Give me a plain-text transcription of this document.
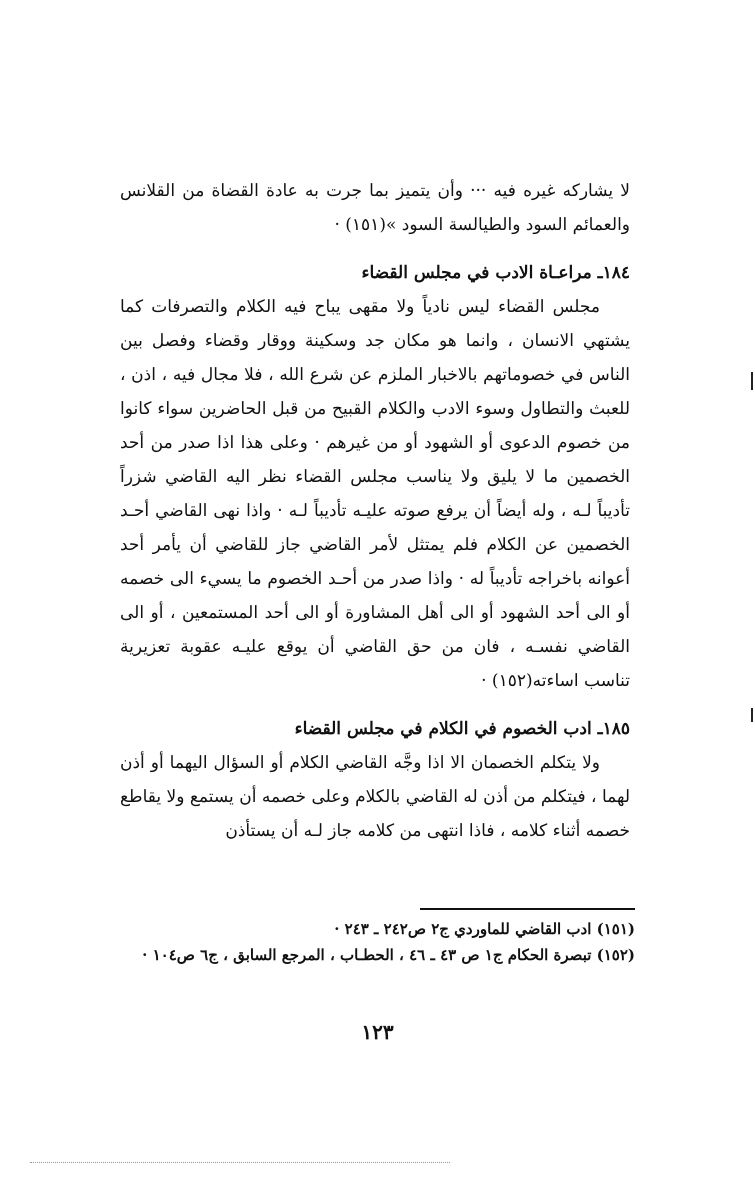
لا يشاركه غيره فيه ··· وأن يتميز بما جرت به عادة القضاة من القلانس والعمائم السود والطيالسة السود »(١٥١) ·

١٨٤ـ مراعـاة الادب في مجلس القضاء

مجلس القضاء ليس نادياً ولا مقهى يباح فيه الكلام والتصرفات كما يشتهي الانسان ، وانما هو مكان جد وسكينة ووقار وقضاء وفصل بين الناس في خصوماتهم بالاخبار الملزم عن شرع الله ، فلا مجال فيه ، اذن ، للعبث والتطاول وسوء الادب والكلام القبيح من قبل الحاضرين سواء كانوا من خصوم الدعوى أو الشهود أو من غيرهم · وعلى هذا اذا صدر من أحد الخصمين ما لا يليق ولا يناسب مجلس القضاء نظر اليه القاضي شزراً تأديباً لـه ، وله أيضاً أن يرفع صوته عليـه تأديباً لـه · واذا نهى القاضي أحـد الخصمين عن الكلام فلم يمتثل لأمر القاضي جاز للقاضي أن يأمر أحد أعوانه باخراجه تأديباً له · واذا صدر من أحـد الخصوم ما يسيء الى خصمه أو الى أحد الشهود أو الى أهل المشاورة أو الى أحد المستمعين ، أو الى القاضي نفسـه ، فان من حق القاضي أن يوقع عليـه عقوبة تعزيرية تناسب اساءته(١٥٢) ·

١٨٥ـ ادب الخصوم في الكلام في مجلس القضاء

ولا يتكلم الخصمان الا اذا وجَّه القاضي الكلام أو السؤال اليهما أو أذن لهما ، فيتكلم من أذن له القاضي بالكلام وعلى خصمه أن يستمع ولا يقاطع خصمه أثناء كلامه ، فاذا انتهى من كلامه جاز لـه أن يستأذن

(١٥١) ادب القاضي للماوردي ج٢ ص٢٤٢ ـ ٢٤٣ ·

(١٥٢) تبصرة الحكام ج١ ص ٤٣ ـ ٤٦ ، الحطـاب ، المرجع السابق ، ج٦ ص١٠٤ ·

١٢٣
